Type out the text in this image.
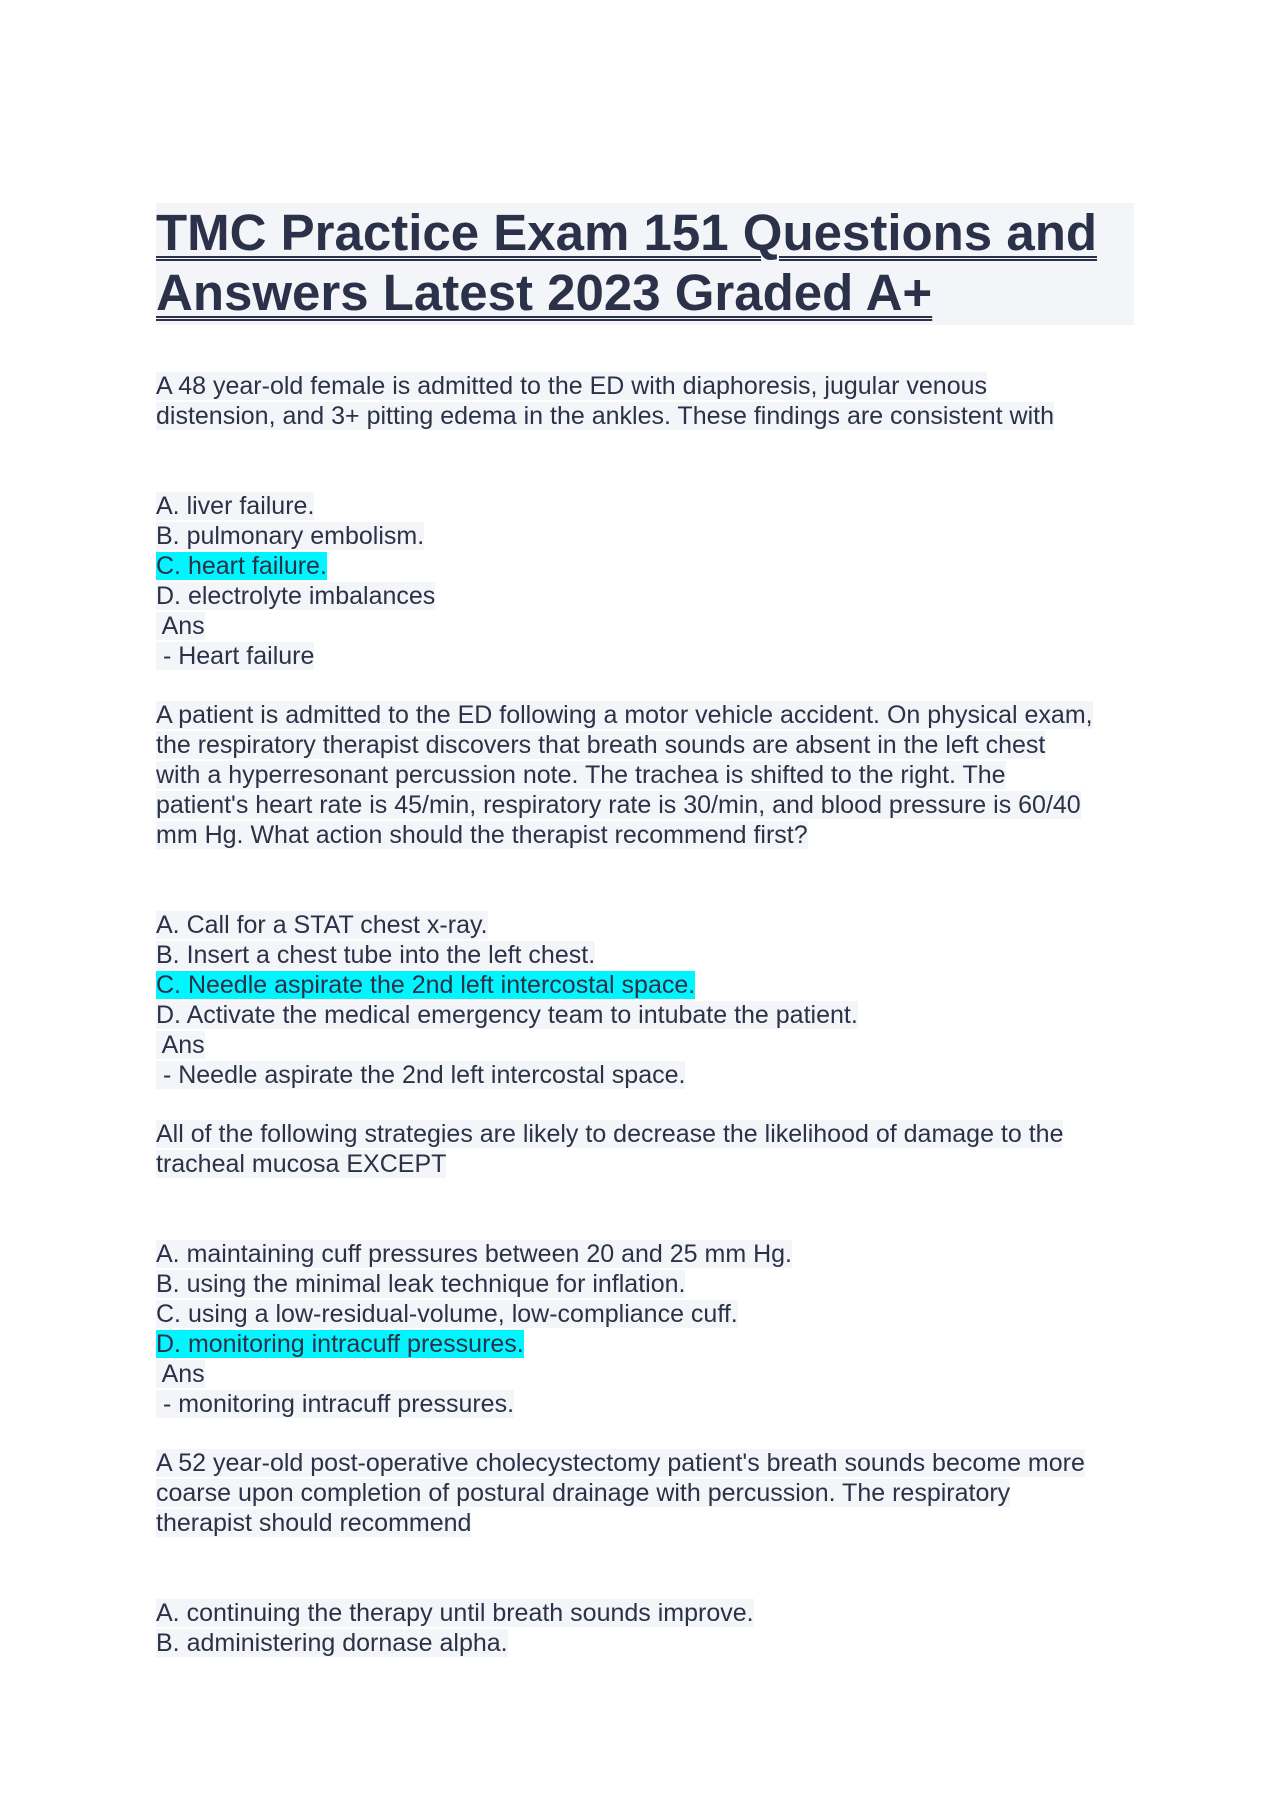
TMC Practice Exam 151 Questions and
Answers Latest 2023 Graded A+
A 48 year-old female is admitted to the ED with diaphoresis, jugular venous
distension, and 3+ pitting edema in the ankles. These findings are consistent with
A. liver failure.
B. pulmonary embolism.
C. heart failure.
D. electrolyte imbalances
Ans
- Heart failure
A patient is admitted to the ED following a motor vehicle accident. On physical exam,
the respiratory therapist discovers that breath sounds are absent in the left chest
with a hyperresonant percussion note. The trachea is shifted to the right. The
patient's heart rate is 45/min, respiratory rate is 30/min, and blood pressure is 60/40
mm Hg. What action should the therapist recommend first?
A. Call for a STAT chest x-ray.
B. Insert a chest tube into the left chest.
C. Needle aspirate the 2nd left intercostal space.
D. Activate the medical emergency team to intubate the patient.
Ans
- Needle aspirate the 2nd left intercostal space.
All of the following strategies are likely to decrease the likelihood of damage to the
tracheal mucosa EXCEPT
A. maintaining cuff pressures between 20 and 25 mm Hg.
B. using the minimal leak technique for inflation.
C. using a low-residual-volume, low-compliance cuff.
D. monitoring intracuff pressures.
Ans
- monitoring intracuff pressures.
A 52 year-old post-operative cholecystectomy patient's breath sounds become more
coarse upon completion of postural drainage with percussion. The respiratory
therapist should recommend
A. continuing the therapy until breath sounds improve.
B. administering dornase alpha.
